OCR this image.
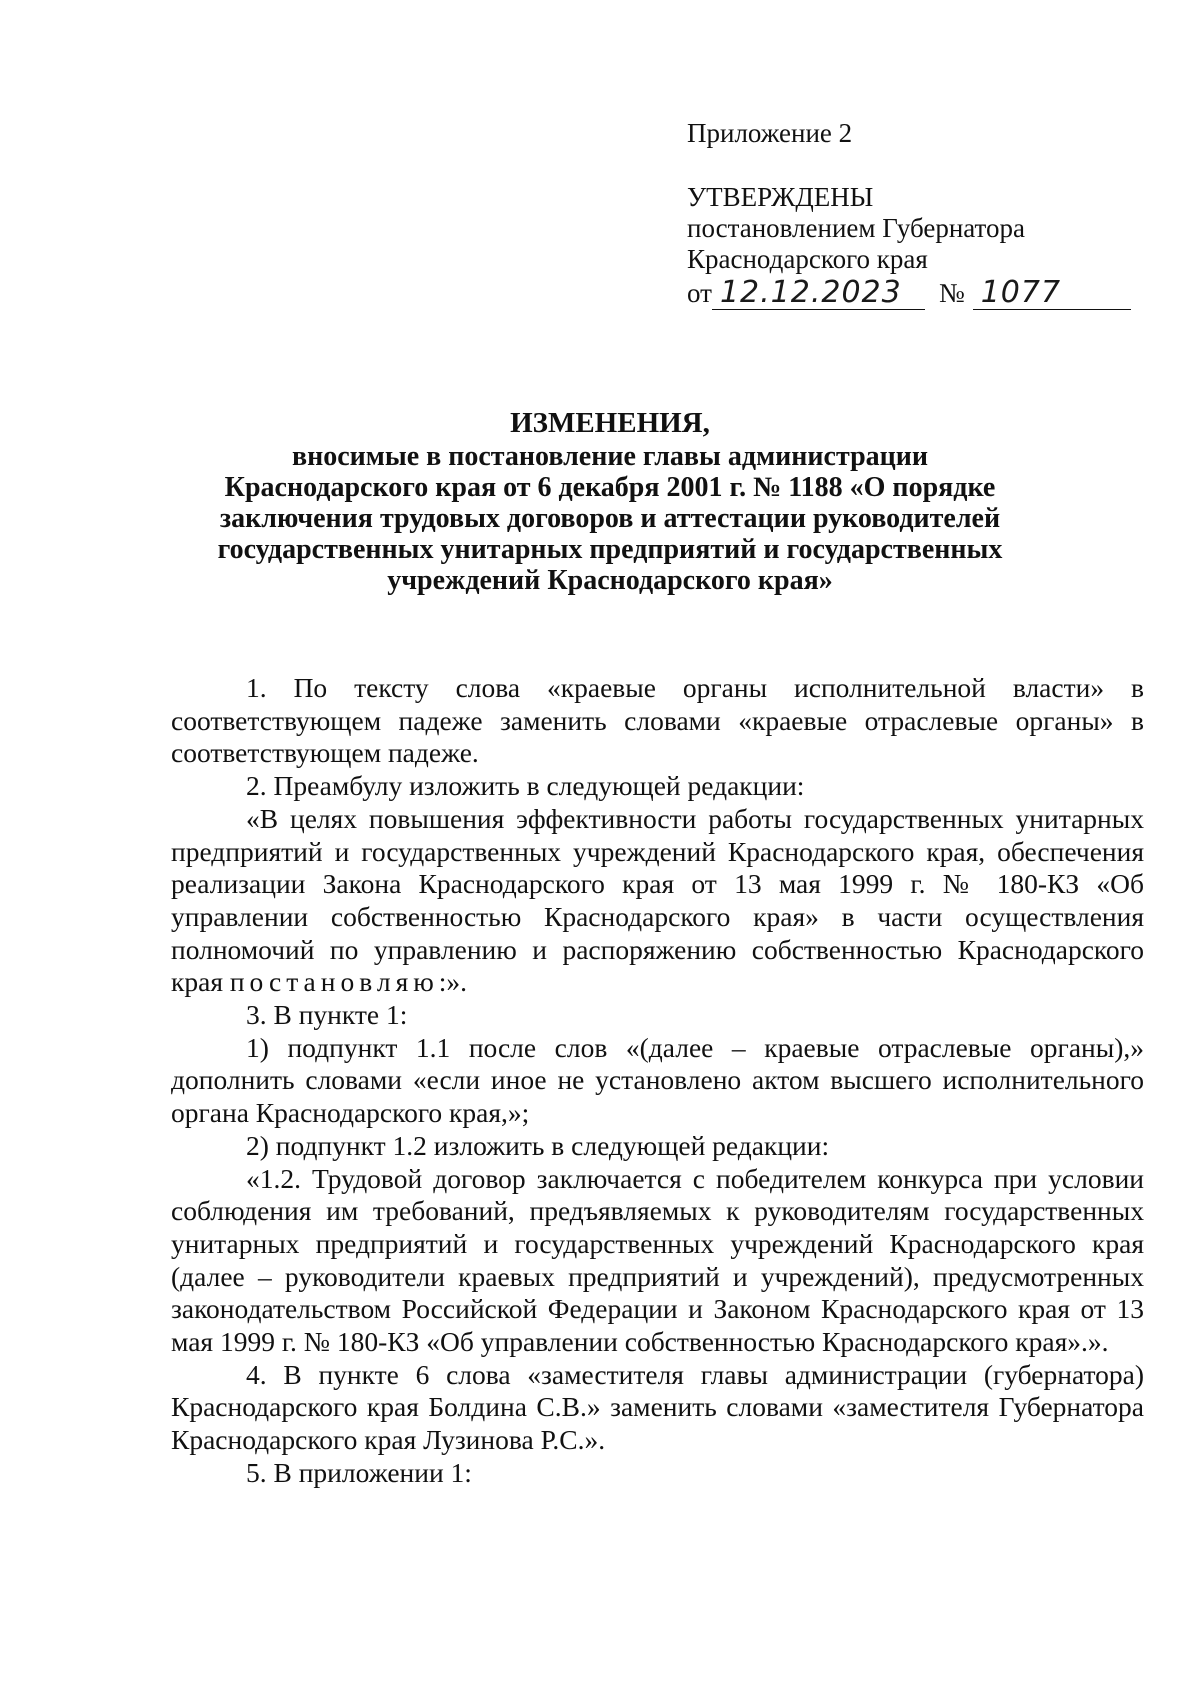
Приложение 2
УТВЕРЖДЕНЫ
постановлением Губернатора
Краснодарского края
от 12.12.2023	№ 1077
ИЗМЕНЕНИЯ,
вносимые в постановление главы администрации
Краснодарского края от 6 декабря 2001 г. № 1188 «О порядке
заключения трудовых договоров и аттестации руководителей
государственных унитарных предприятий и государственных
учреждений Краснодарского края»

1. По тексту слова «краевые органы исполнительной власти» в соответствующем падеже заменить словами «краевые отраслевые органы» в соответствующем падеже.

2. Преамбулу изложить в следующей редакции:

«В целях повышения эффективности работы государственных унитарных предприятий и государственных учреждений Краснодарского края, обеспечения реализации Закона Краснодарского края от 13 мая 1999 г. № 180-КЗ «Об управлении собственностью Краснодарского края» в части осуществления полномочий по управлению и распоряжению собственностью Краснодарского края постановляю:».

3. В пункте 1:

1) подпункт 1.1 после слов «(далее – краевые отраслевые органы),» дополнить словами «если иное не установлено актом высшего исполнительного органа Краснодарского края,»;

2) подпункт 1.2 изложить в следующей редакции:

«1.2. Трудовой договор заключается с победителем конкурса при условии соблюдения им требований, предъявляемых к руководителям государственных унитарных предприятий и государственных учреждений Краснодарского края (далее – руководители краевых предприятий и учреждений), предусмотренных законодательством Российской Федерации и Законом Краснодарского края от 13 мая 1999 г. № 180-КЗ «Об управлении собственностью Краснодарского края».».

4. В пункте 6 слова «заместителя главы администрации (губернатора) Краснодарского края Болдина С.В.» заменить словами «заместителя Губернатора Краснодарского края Лузинова Р.С.».

5. В приложении 1:
